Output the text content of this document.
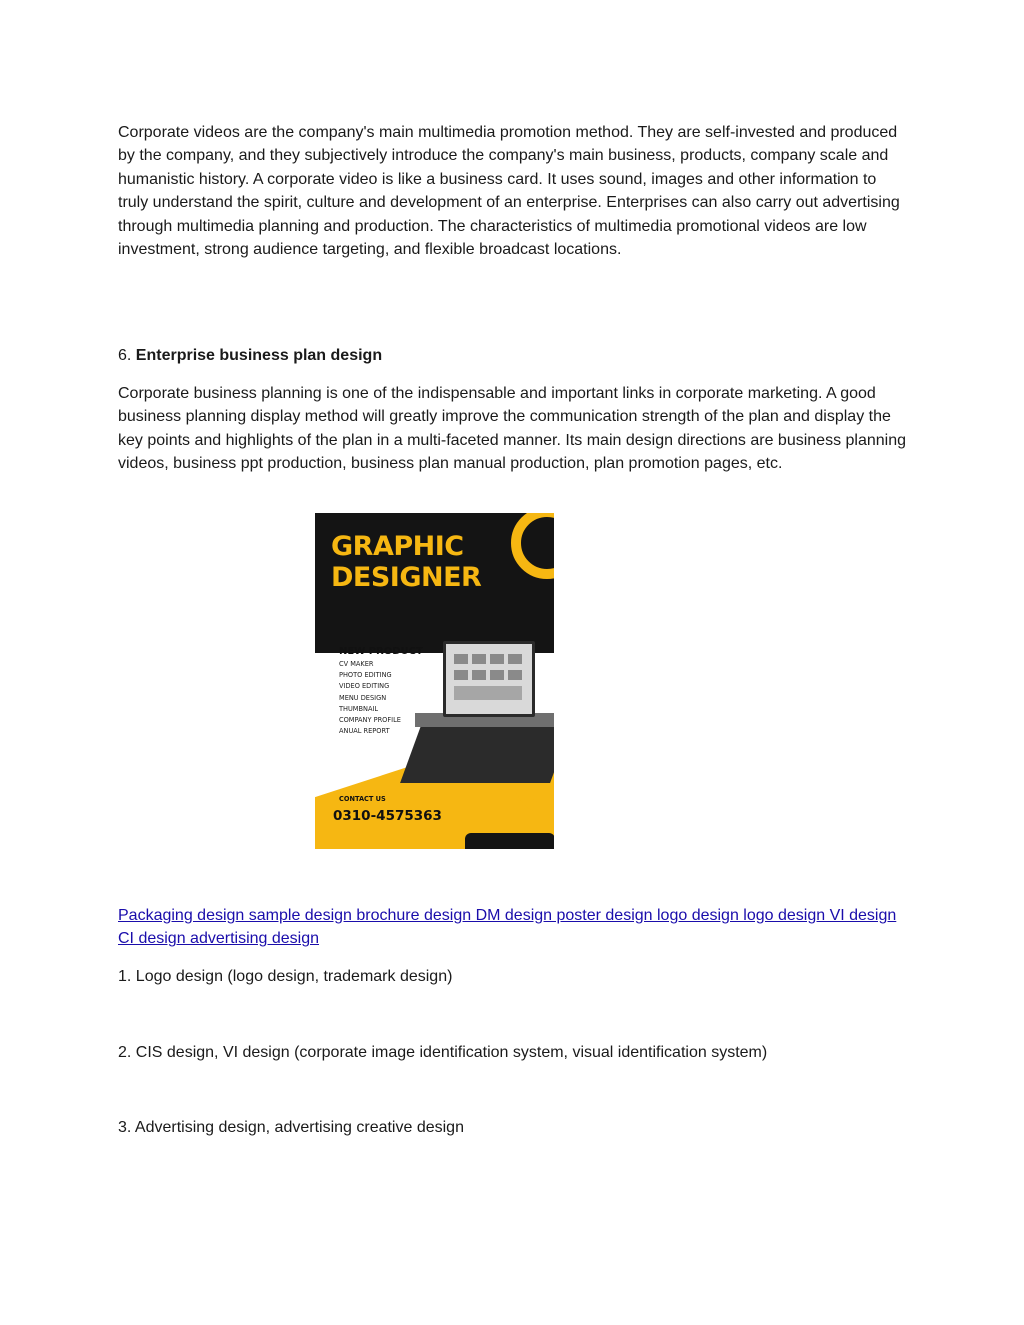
Corporate videos are the company's main multimedia promotion method. They are self-invested and produced by the company, and they subjectively introduce the company's main business, products, company scale and humanistic history. A corporate video is like a business card. It uses sound, images and other information to truly understand the spirit, culture and development of an enterprise. Enterprises can also carry out advertising through multimedia planning and production. The characteristics of multimedia promotional videos are low investment, strong audience targeting, and flexible broadcast locations.

6. Enterprise business plan design

Corporate business planning is one of the indispensable and important links in corporate marketing. A good business planning display method will greatly improve the communication strength of the plan and display the key points and highlights of the plan in a multi-faceted manner. Its main design directions are business planning videos, business ppt production, business plan manual production, plan promotion pages, etc.

Packaging design sample design brochure design DM design poster design logo design logo design VI design CI design advertising design

1. Logo design (logo design, trademark design)

2. CIS design, VI design (corporate image identification system, visual identification system)

3. Advertising design, advertising creative design

GRAPHIC
DESIGNER
NEW PRODUCT
CV MAKER
PHOTO EDITING
VIDEO EDITING
MENU DESIGN
THUMBNAIL
COMPANY PROFILE
ANUAL REPORT
CONTACT US
0310-4575363
